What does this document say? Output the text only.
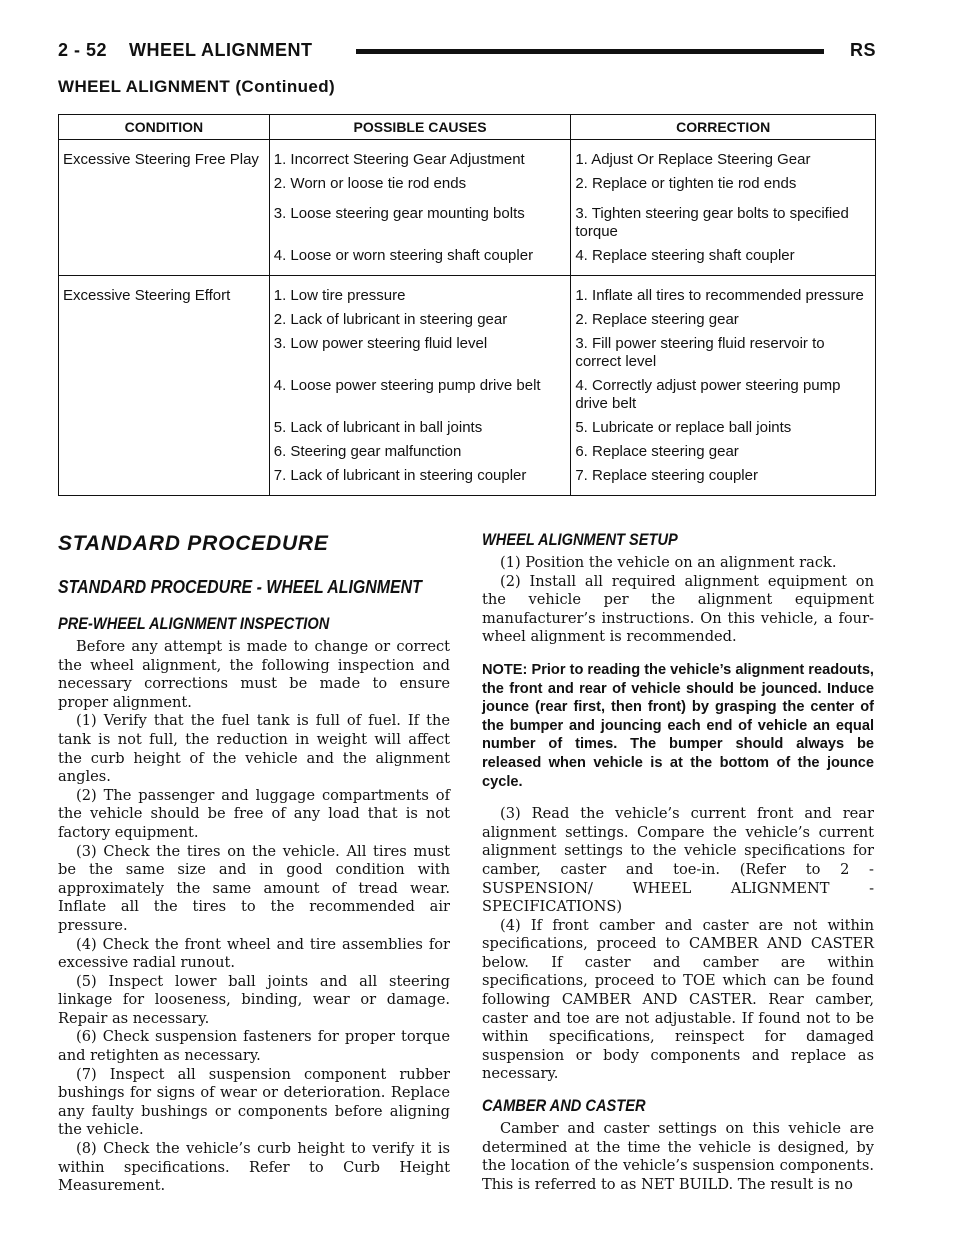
2 - 52 WHEEL ALIGNMENT	RS
WHEEL ALIGNMENT (Continued)
CONDITION	POSSIBLE CAUSES	CORRECTION
Excessive Steering Free Play	1. Incorrect Steering Gear Adjustment	1. Adjust Or Replace Steering Gear
	2. Worn or loose tie rod ends	2. Replace or tighten tie rod ends
	3. Loose steering gear mounting bolts	3. Tighten steering gear bolts to specified torque
	4. Loose or worn steering shaft coupler	4. Replace steering shaft coupler
Excessive Steering Effort	1. Low tire pressure	1. Inflate all tires to recommended pressure
	2. Lack of lubricant in steering gear	2. Replace steering gear
	3. Low power steering fluid level	3. Fill power steering fluid reservoir to correct level
	4. Loose power steering pump drive belt	4. Correctly adjust power steering pump drive belt
	5. Lack of lubricant in ball joints	5. Lubricate or replace ball joints
	6. Steering gear malfunction	6. Replace steering gear
	7. Lack of lubricant in steering coupler	7. Replace steering coupler
STANDARD PROCEDURE
STANDARD PROCEDURE - WHEEL ALIGNMENT
PRE-WHEEL ALIGNMENT INSPECTION

Before any attempt is made to change or correct the wheel alignment, the following inspection and necessary corrections must be made to ensure proper alignment.

(1) Verify that the fuel tank is full of fuel. If the tank is not full, the reduction in weight will affect the curb height of the vehicle and the alignment angles.

(2) The passenger and luggage compartments of the vehicle should be free of any load that is not factory equipment.

(3) Check the tires on the vehicle. All tires must be the same size and in good condition with approximately the same amount of tread wear. Inflate all the tires to the recommended air pressure.

(4) Check the front wheel and tire assemblies for excessive radial runout.

(5) Inspect lower ball joints and all steering linkage for looseness, binding, wear or damage. Repair as necessary.

(6) Check suspension fasteners for proper torque and retighten as necessary.

(7) Inspect all suspension component rubber bushings for signs of wear or deterioration. Replace any faulty bushings or components before aligning the vehicle.

(8) Check the vehicle’s curb height to verify it is within specifications. Refer to Curb Height Measurement.

WHEEL ALIGNMENT SETUP

(1) Position the vehicle on an alignment rack.

(2) Install all required alignment equipment on the vehicle per the alignment equipment manufacturer’s instructions. On this vehicle, a four-wheel alignment is recommended.

NOTE: Prior to reading the vehicle’s alignment readouts, the front and rear of vehicle should be jounced. Induce jounce (rear first, then front) by grasping the center of the bumper and jouncing each end of vehicle an equal number of times. The bumper should always be released when vehicle is at the bottom of the jounce cycle.

(3) Read the vehicle’s current front and rear alignment settings. Compare the vehicle’s current alignment settings to the vehicle specifications for camber, caster and toe-in. (Refer to 2 - SUSPENSION/ WHEEL ALIGNMENT - SPECIFICATIONS)

(4) If front camber and caster are not within specifications, proceed to CAMBER AND CASTER below. If caster and camber are within specifications, proceed to TOE which can be found following CAMBER AND CASTER. Rear camber, caster and toe are not adjustable. If found not to be within specifications, reinspect for damaged suspension or body components and replace as necessary.

CAMBER AND CASTER

Camber and caster settings on this vehicle are determined at the time the vehicle is designed, by the location of the vehicle’s suspension components. This is referred to as NET BUILD. The result is no
